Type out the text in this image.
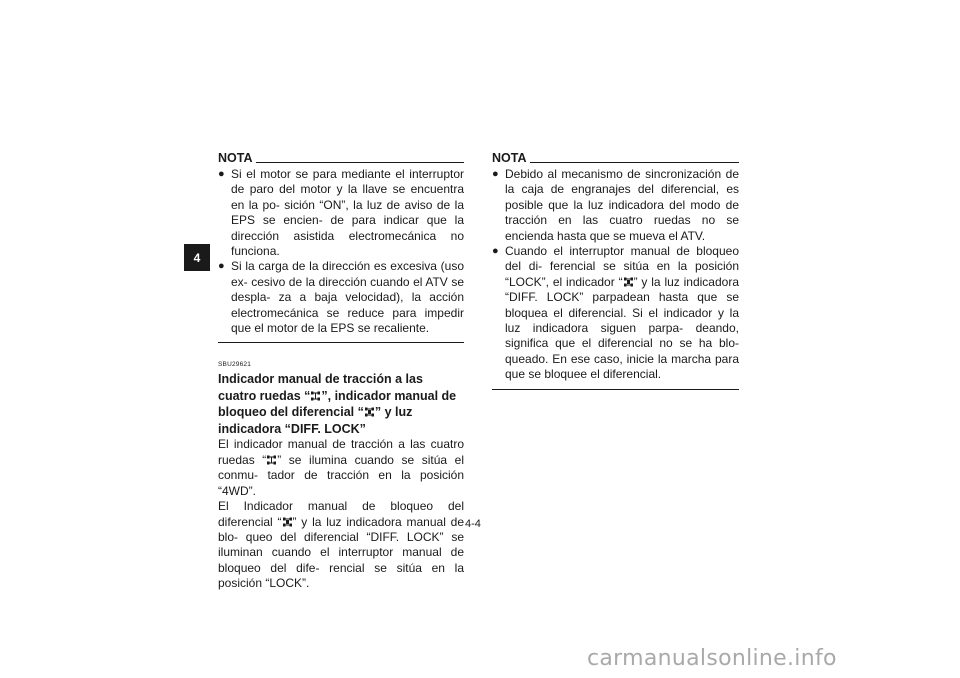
4
NOTA
● Si el motor se para mediante el interruptor de paro del motor y la llave se encuentra en la po- sición “ON”, la luz de aviso de la EPS se encien- de para indicar que la dirección asistida electromecánica no funciona.
● Si la carga de la dirección es excesiva (uso ex- cesivo de la dirección cuando el ATV se despla- za a baja velocidad), la acción electromecánica se reduce para impedir que el motor de la EPS se recaliente.
SBU29621
Indicador manual de tracción a las cuatro ruedas “ ”, indicador manual de bloqueo del diferencial “ ” y luz indicadora “DIFF. LOCK”
El indicador manual de tracción a las cuatro ruedas “ ” se ilumina cuando se sitúa el conmu- tador de tracción en la posición “4WD”.
El Indicador manual de bloqueo del diferencial “ ” y la luz indicadora manual de blo- queo del diferencial “DIFF. LOCK” se iluminan cuando el interruptor manual de bloqueo del dife- rencial se sitúa en la posición “LOCK”.
NOTA
● Debido al mecanismo de sincronización de la caja de engranajes del diferencial, es posible que la luz indicadora del modo de tracción en las cuatro ruedas no se encienda hasta que se mueva el ATV.
● Cuando el interruptor manual de bloqueo del di- ferencial se sitúa en la posición “LOCK”, el indicador “ ” y la luz indicadora “DIFF. LOCK” parpadean hasta que se bloquea el diferencial. Si el indicador y la luz indicadora siguen parpa- deando, significa que el diferencial no se ha blo- queado. En ese caso, inicie la marcha para que se bloquee el diferencial.
4-4
carmanualsonline.info
